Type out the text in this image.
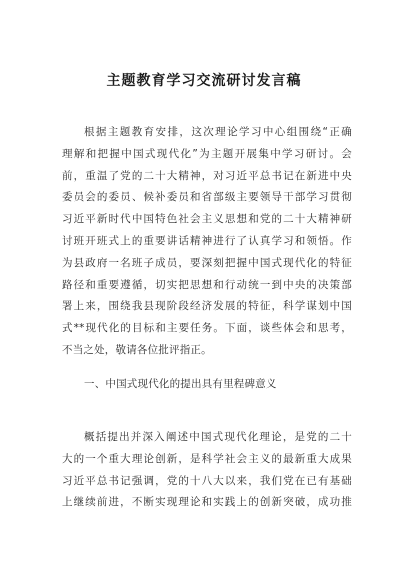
主题教育学习交流研讨发言稿
根据主题教育安排，这次理论学习中心组围绕“正确
理解和把握中国式现代化”为主题开展集中学习研讨。会
前，重温了党的二十大精神，对习近平总书记在新进中央
委员会的委员、候补委员和省部级主要领导干部学习贯彻
习近平新时代中国特色社会主义思想和党的二十大精神研
讨班开班式上的重要讲话精神进行了认真学习和领悟。作
为县政府一名班子成员，要深刻把握中国式现代化的特征
路径和重要遵循，切实把思想和行动统一到中央的决策部
署上来，围绕我县现阶段经济发展的特征，科学谋划中国
式**现代化的目标和主要任务。下面，谈些体会和思考，
不当之处，敬请各位批评指正。
一、中国式现代化的提出具有里程碑意义
概括提出并深入阐述中国式现代化理论，是党的二十
大的一个重大理论创新，是科学社会主义的最新重大成果
习近平总书记强调，党的十八大以来，我们党在已有基础
上继续前进，不断实现理论和实践上的创新突破，成功推
